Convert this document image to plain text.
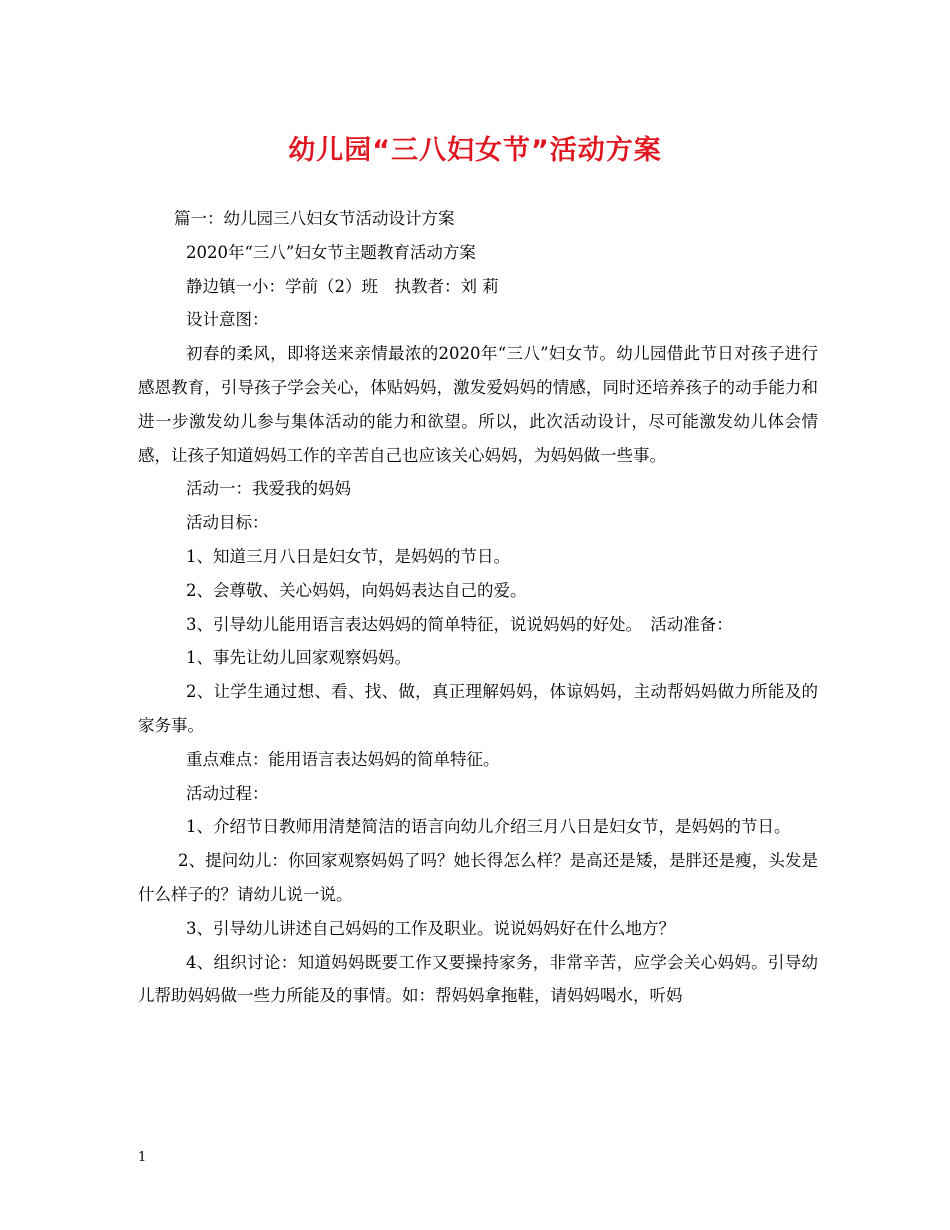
幼儿园“三八妇女节”活动方案

篇一：幼儿园三八妇女节活动设计方案

2020年“三八”妇女节主题教育活动方案

静边镇一小：学前（2）班　执教者：刘 莉

设计意图：

初春的柔风，即将送来亲情最浓的2020年“三八”妇女节。幼儿园借此节日对孩子进行感恩教育，引导孩子学会关心，体贴妈妈，激发爱妈妈的情感，同时还培养孩子的动手能力和进一步激发幼儿参与集体活动的能力和欲望。所以，此次活动设计，尽可能激发幼儿体会情感，让孩子知道妈妈工作的辛苦自己也应该关心妈妈，为妈妈做一些事。

活动一：我爱我的妈妈

活动目标：

1、知道三月八日是妇女节，是妈妈的节日。

2、会尊敬、关心妈妈，向妈妈表达自己的爱。

3、引导幼儿能用语言表达妈妈的简单特征，说说妈妈的好处。　活动准备：

1、事先让幼儿回家观察妈妈。

2、让学生通过想、看、找、做，真正理解妈妈，体谅妈妈，主动帮妈妈做力所能及的家务事。

重点难点：能用语言表达妈妈的简单特征。

活动过程：

1、介绍节日教师用清楚简洁的语言向幼儿介绍三月八日是妇女节，是妈妈的节日。

2、提问幼儿：你回家观察妈妈了吗？她长得怎么样？是高还是矮，是胖还是瘦，头发是什么样子的？请幼儿说一说。

3、引导幼儿讲述自己妈妈的工作及职业。说说妈妈好在什么地方？

4、组织讨论：知道妈妈既要工作又要操持家务，非常辛苦，应学会关心妈妈。引导幼儿帮助妈妈做一些力所能及的事情。如：帮妈妈拿拖鞋，请妈妈喝水，听妈

1
